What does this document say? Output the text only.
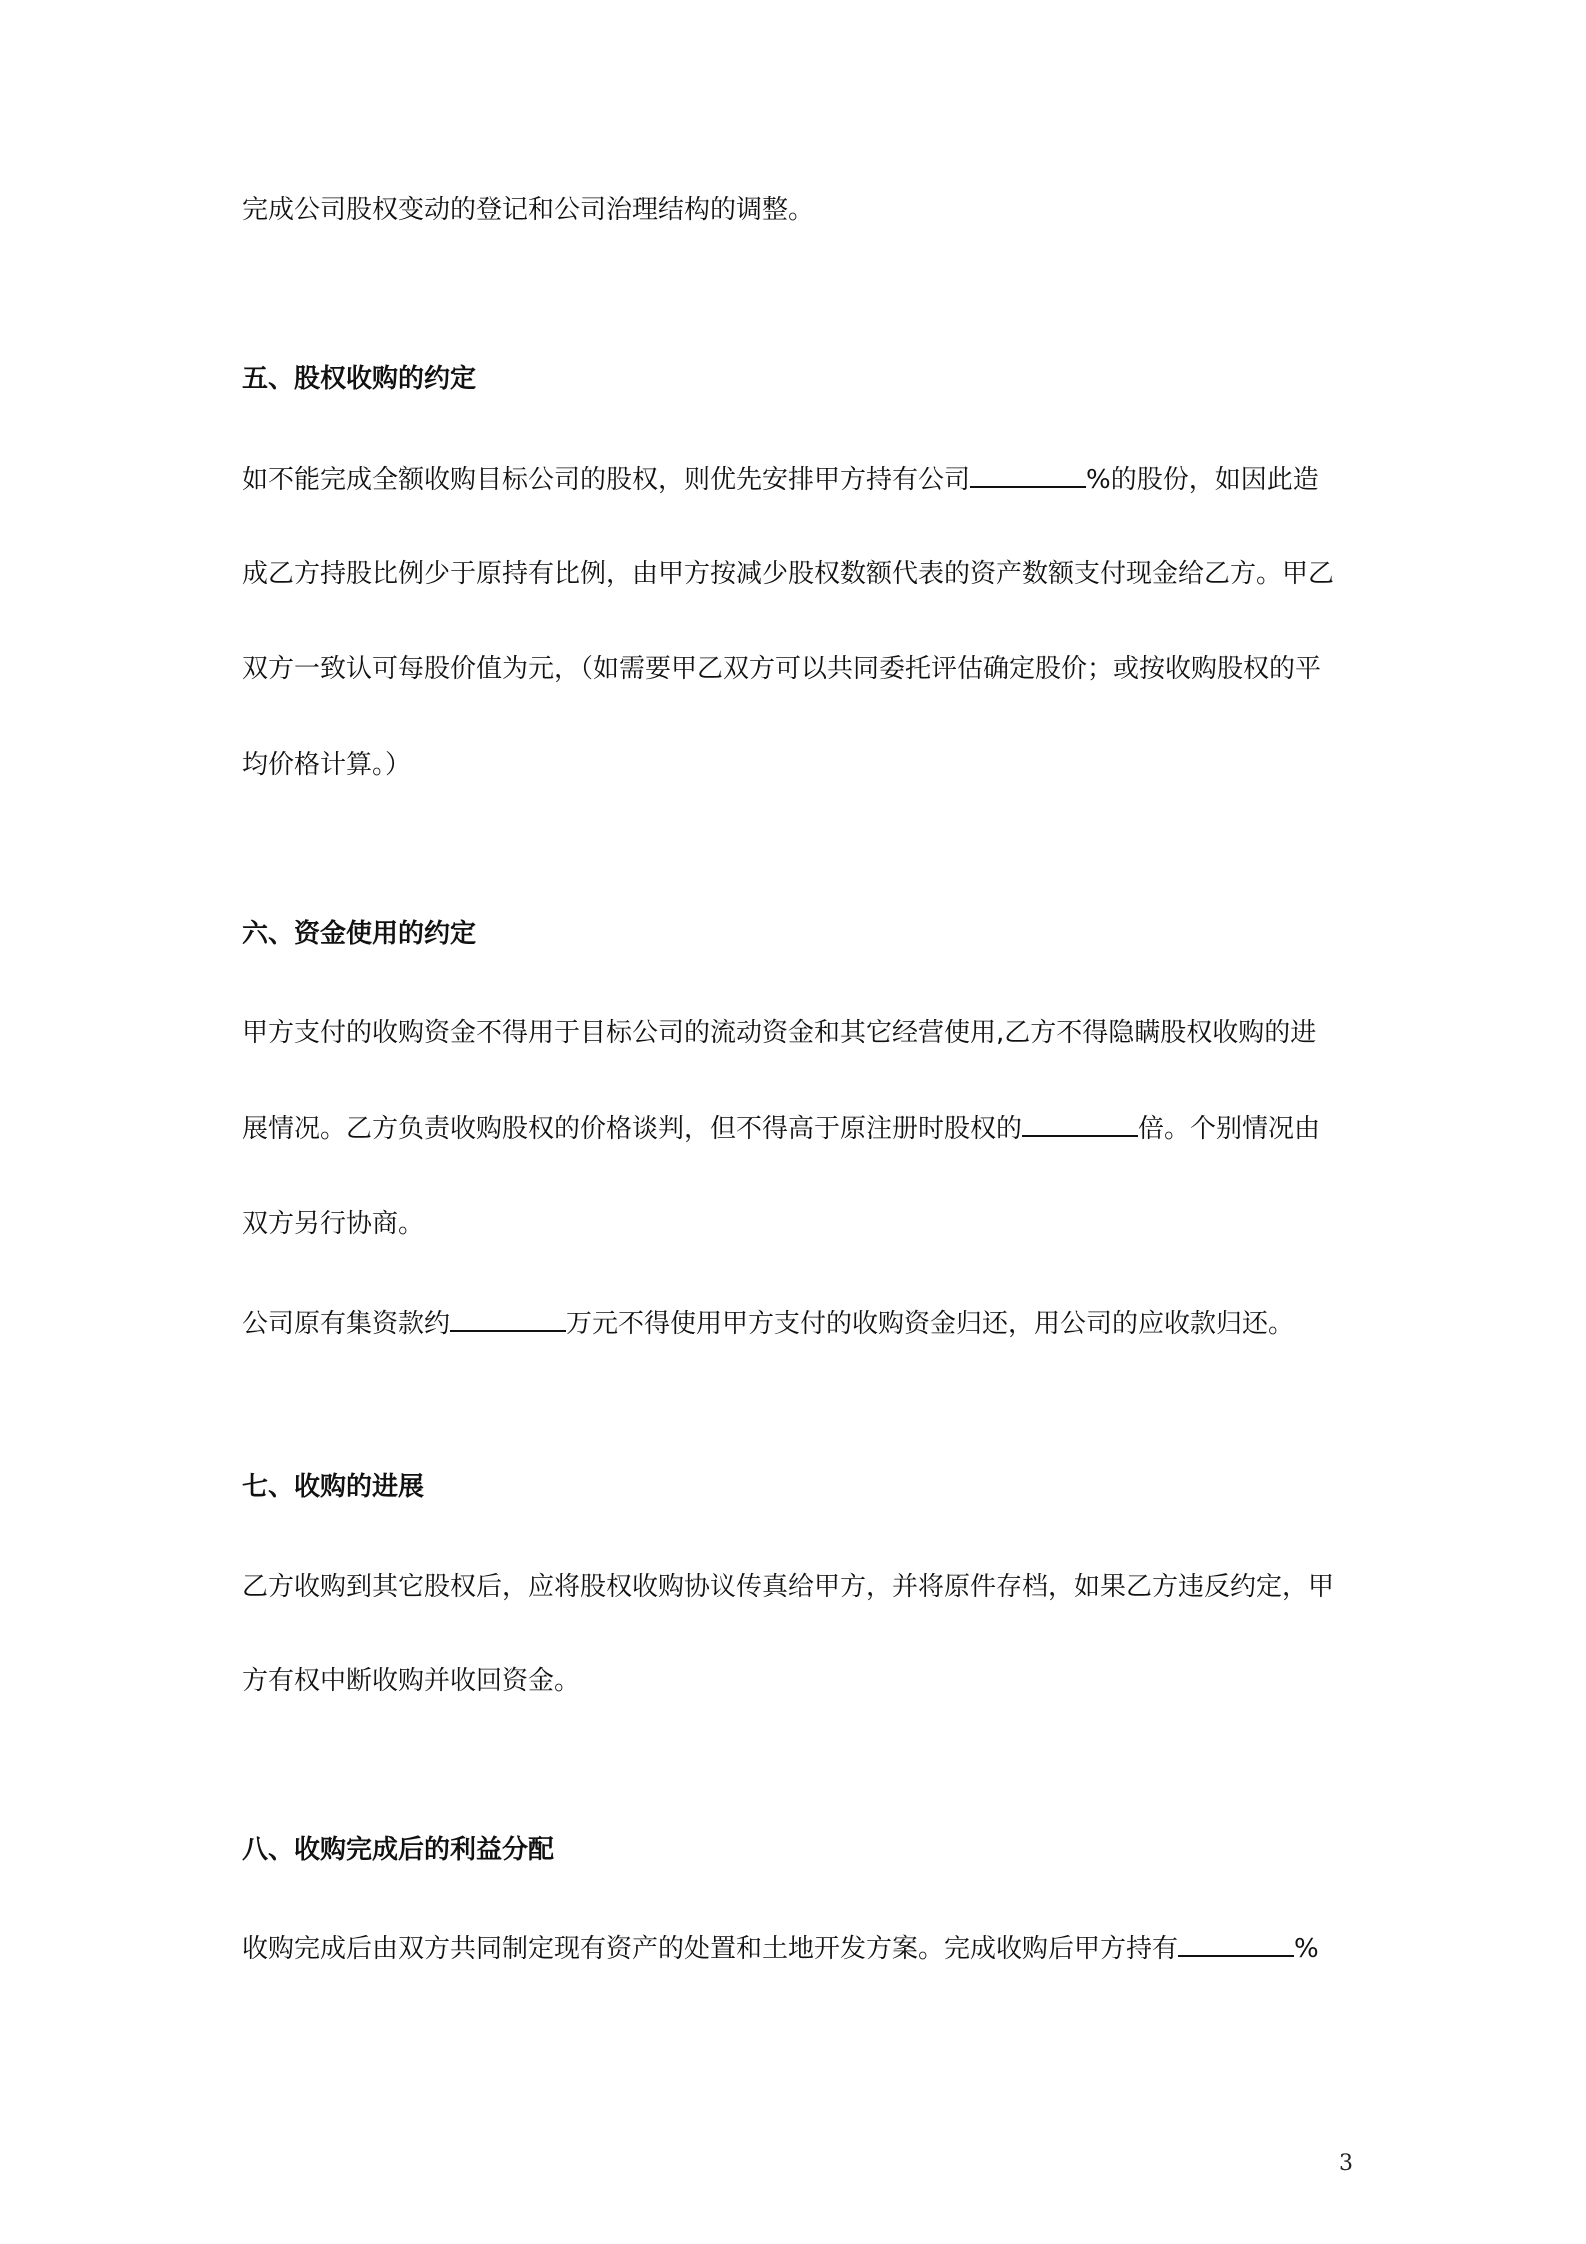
完成公司股权变动的登记和公司治理结构的调整。
五、股权收购的约定
如不能完成全额收购目标公司的股权，则优先安排甲方持有公司	%的股份，如因此造
成乙方持股比例少于原持有比例，由甲方按减少股权数额代表的资产数额支付现金给乙方。甲乙
双方一致认可每股价值为元，（如需要甲乙双方可以共同委托评估确定股价；或按收购股权的平
均价格计算。）
六、资金使用的约定
甲方支付的收购资金不得用于目标公司的流动资金和其它经营使用,乙方不得隐瞒股权收购的进
展情况。乙方负责收购股权的价格谈判，但不得高于原注册时股权的	倍。个别情况由
双方另行协商。
公司原有集资款约	万元不得使用甲方支付的收购资金归还，用公司的应收款归还。
七、收购的进展
乙方收购到其它股权后，应将股权收购协议传真给甲方，并将原件存档，如果乙方违反约定，甲
方有权中断收购并收回资金。
八、收购完成后的利益分配
收购完成后由双方共同制定现有资产的处置和土地开发方案。完成收购后甲方持有	%
3
